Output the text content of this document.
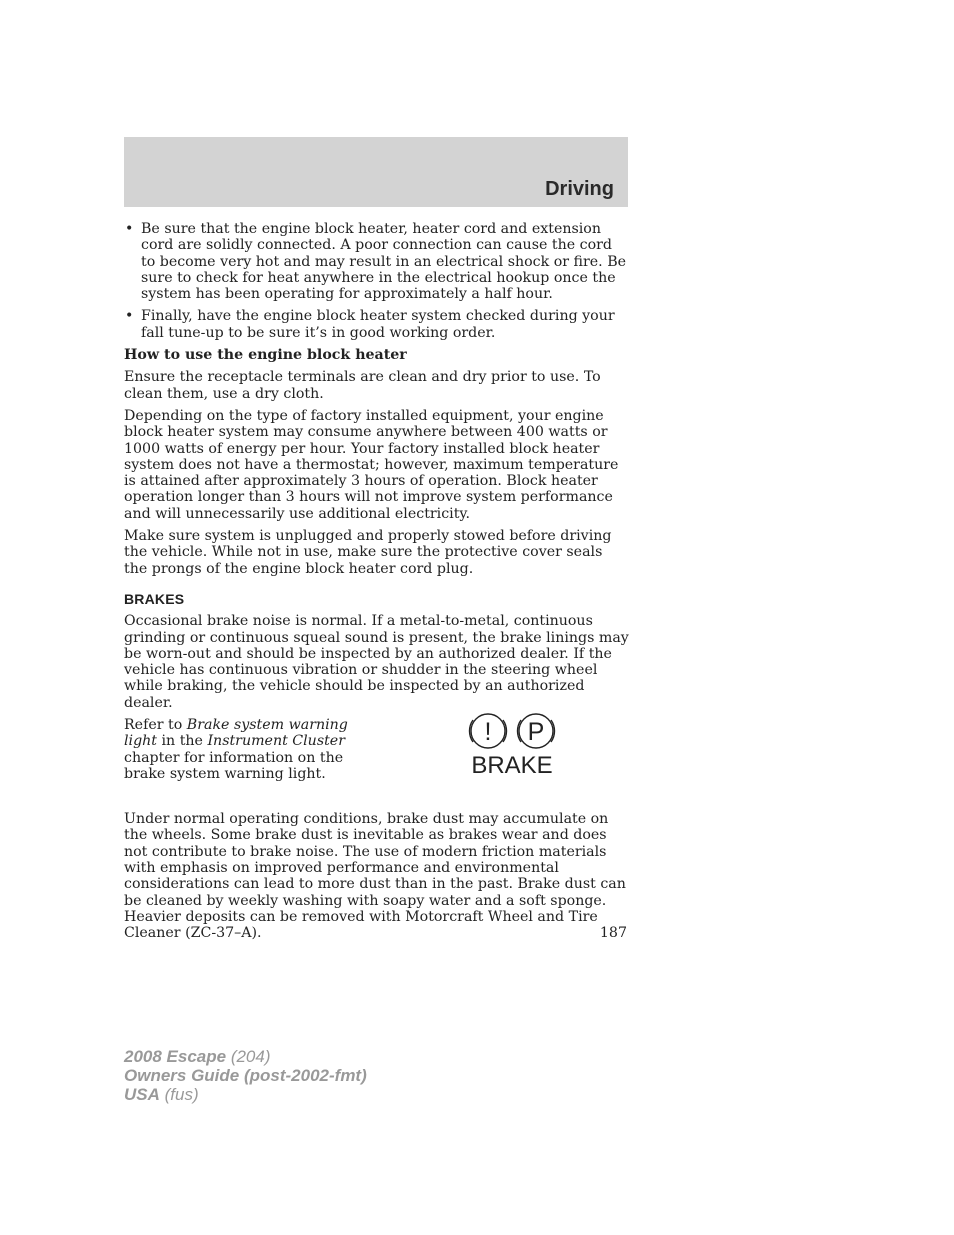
Driving
• Be sure that the engine block heater, heater cord and extension cord are solidly connected. A poor connection can cause the cord to become very hot and may result in an electrical shock or fire. Be sure to check for heat anywhere in the electrical hookup once the system has been operating for approximately a half hour.
• Finally, have the engine block heater system checked during your fall tune-up to be sure it’s in good working order.
How to use the engine block heater

Ensure the receptacle terminals are clean and dry prior to use. To clean them, use a dry cloth.

Depending on the type of factory installed equipment, your engine block heater system may consume anywhere between 400 watts or 1000 watts of energy per hour. Your factory installed block heater system does not have a thermostat; however, maximum temperature is attained after approximately 3 hours of operation. Block heater operation longer than 3 hours will not improve system performance and will unnecessarily use additional electricity.

Make sure system is unplugged and properly stowed before driving the vehicle. While not in use, make sure the protective cover seals the prongs of the engine block heater cord plug.

BRAKES

Occasional brake noise is normal. If a metal-to-metal, continuous grinding or continuous squeal sound is present, the brake linings may be worn-out and should be inspected by an authorized dealer. If the vehicle has continuous vibration or shudder in the steering wheel while braking, the vehicle should be inspected by an authorized dealer.

Refer to Brake system warning light in the Instrument Cluster chapter for information on the brake system warning light.
! P
BRAKE

Under normal operating conditions, brake dust may accumulate on the wheels. Some brake dust is inevitable as brakes wear and does not contribute to brake noise. The use of modern friction materials with emphasis on improved performance and environmental considerations can lead to more dust than in the past. Brake dust can be cleaned by weekly washing with soapy water and a soft sponge. Heavier deposits can be removed with Motorcraft Wheel and Tire Cleaner (ZC-37–A).	187
2008 Escape (204)
Owners Guide (post-2002-fmt)
USA (fus)
